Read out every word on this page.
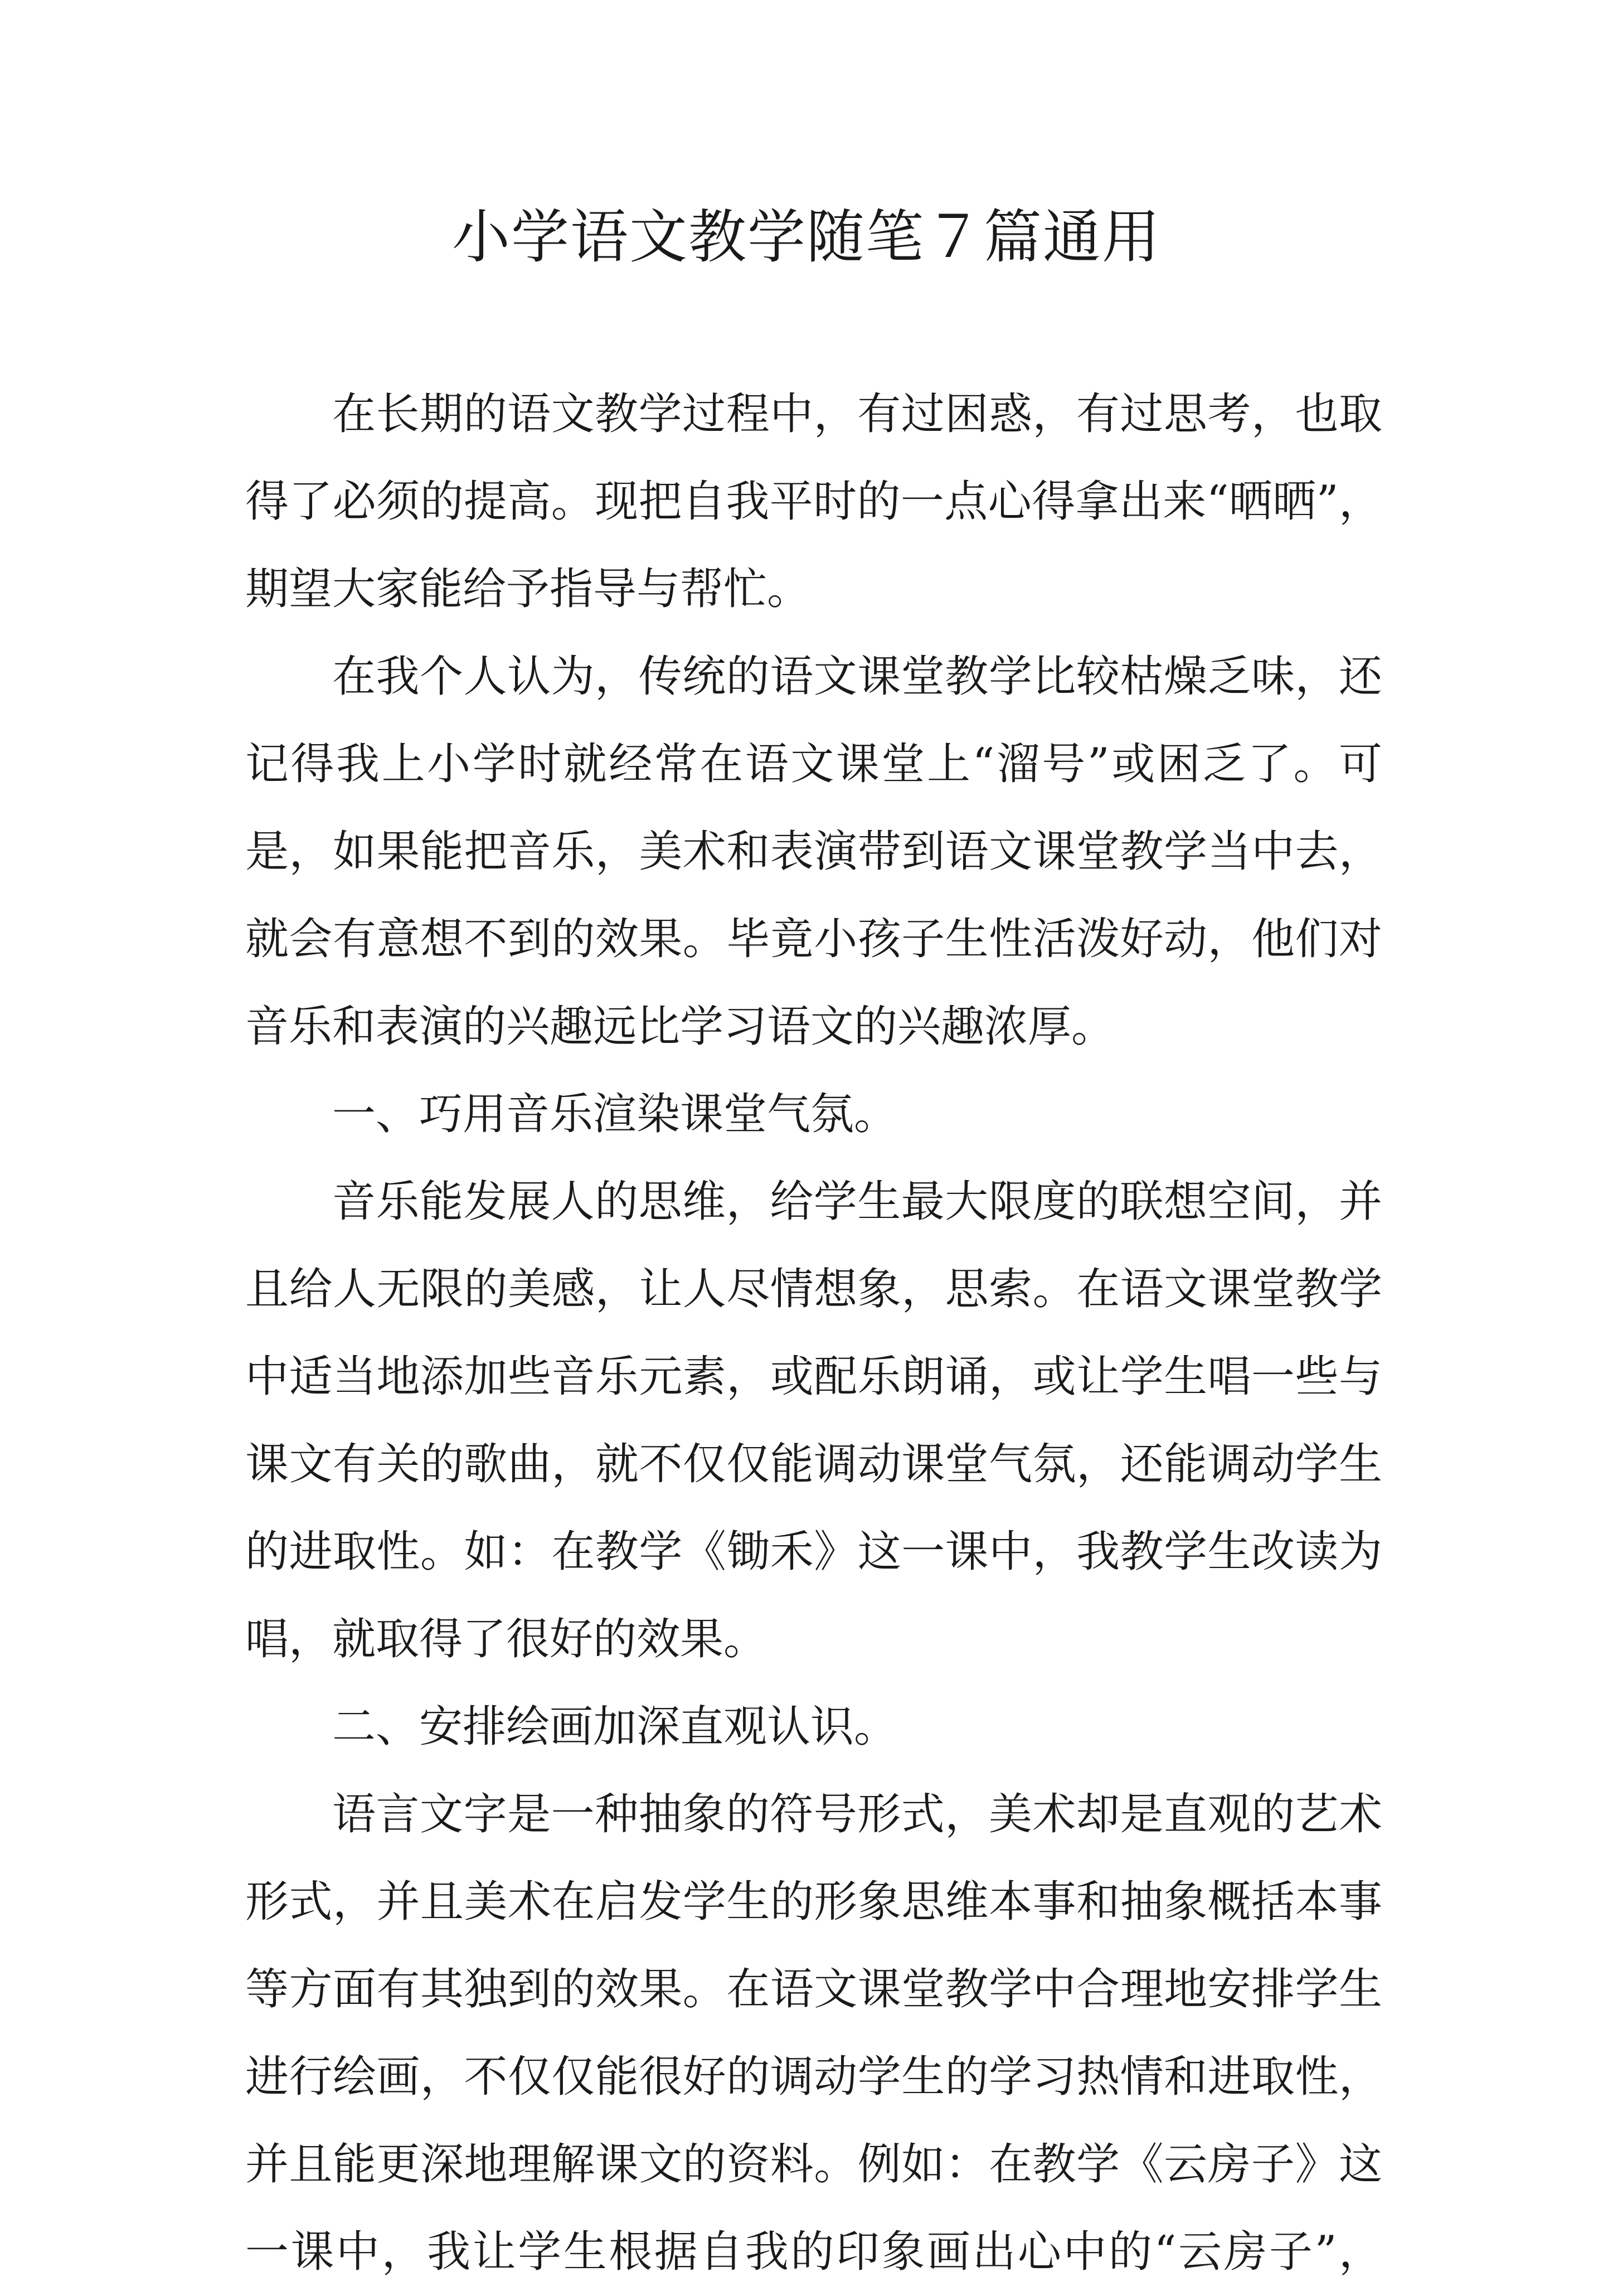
小学语文教学随笔７篇通用

在长期的语文教学过程中，有过困惑，有过思考，也取

得了必须的提高。现把自我平时的一点心得拿出来“晒晒”，

期望大家能给予指导与帮忙。

在我个人认为，传统的语文课堂教学比较枯燥乏味，还

记得我上小学时就经常在语文课堂上“溜号”或困乏了。可

是，如果能把音乐，美术和表演带到语文课堂教学当中去，

就会有意想不到的效果。毕竟小孩子生性活泼好动，他们对

音乐和表演的兴趣远比学习语文的兴趣浓厚。

一、巧用音乐渲染课堂气氛。

音乐能发展人的思维，给学生最大限度的联想空间，并

且给人无限的美感，让人尽情想象，思索。在语文课堂教学

中适当地添加些音乐元素，或配乐朗诵，或让学生唱一些与

课文有关的歌曲，就不仅仅能调动课堂气氛，还能调动学生

的进取性。如：在教学《锄禾》这一课中，我教学生改读为

唱，就取得了很好的效果。

二、安排绘画加深直观认识。

语言文字是一种抽象的符号形式，美术却是直观的艺术

形式，并且美术在启发学生的形象思维本事和抽象概括本事

等方面有其独到的效果。在语文课堂教学中合理地安排学生

进行绘画，不仅仅能很好的调动学生的学习热情和进取性，

并且能更深地理解课文的资料。例如：在教学《云房子》这

一课中，我让学生根据自我的印象画出心中的“云房子”，
